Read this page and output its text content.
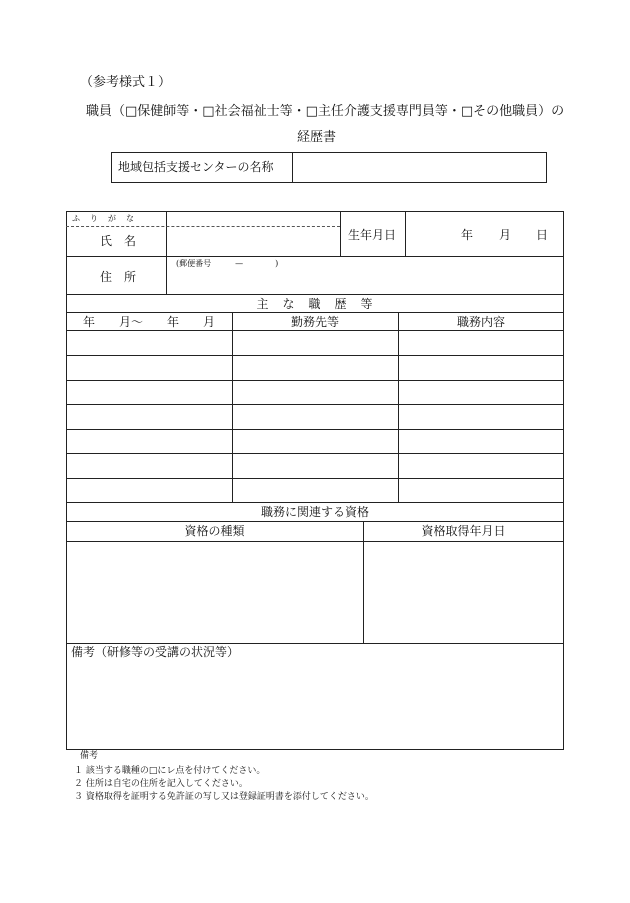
（参考様式１）
職員（□保健師等・□社会福祉士等・□主任介護支援専門員等・□その他職員）の
経歴書
地域包括支援センターの名称
ふ　り　が　な
氏　名	生年月日	年 月 日
住　所
(郵便番号　　　—　　　　)
主　な　職　歴　等
年　　月～　　年　　月	勤務先等	職務内容
職務に関連する資格
資格の種類	資格取得年月日
備考（研修等の受講の状況等）
備考
１ 該当する職種の□にレ点を付けてください。
２ 住所は自宅の住所を記入してください。
３ 資格取得を証明する免許証の写し又は登録証明書を添付してください。
